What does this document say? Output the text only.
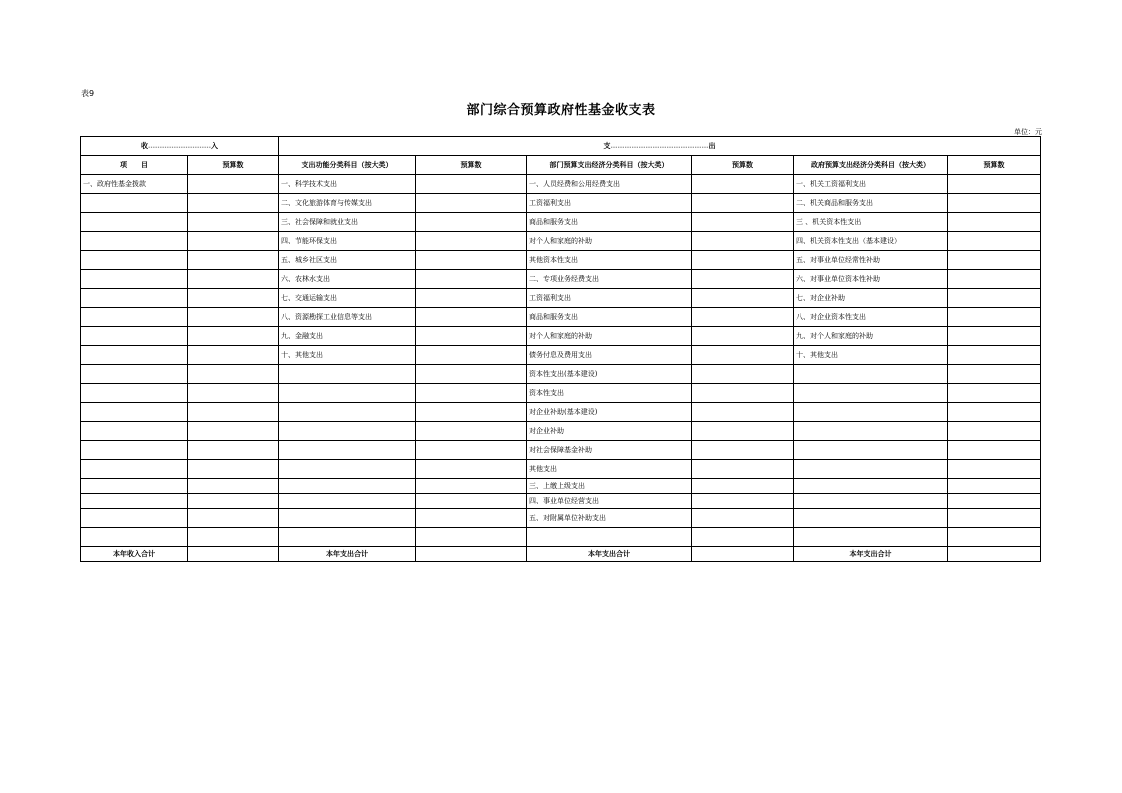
表9
部门综合预算政府性基金收支表
单位：元
收………………………入		支……………………………………出					
项　　目	预算数	支出功能分类科目（按大类）	预算数	部门预算支出经济分类科目（按大类）	预算数	政府预算支出经济分类科目（按大类）	预算数
一、政府性基金拨款		一、科学技术支出		一、人员经费和公用经费支出		一、机关工资福利支出	
		二、文化旅游体育与传媒支出		工资福利支出		二、机关商品和服务支出	
		三、社会保障和就业支出		商品和服务支出		三 、机关资本性支出	
		四、节能环保支出		对个人和家庭的补助		四、机关资本性支出（基本建设）	
		五、城乡社区支出		其他资本性支出		五、对事业单位经常性补助	
		六、农林水支出		二、专项业务经费支出		六、对事业单位资本性补助	
		七、交通运输支出		工资福利支出		七、对企业补助	
		八、资源勘探工业信息等支出		商品和服务支出		八、对企业资本性支出	
		九、金融支出		对个人和家庭的补助		九、对个人和家庭的补助	
		十、其他支出		债务付息及费用支出		十、其他支出	
				资本性支出(基本建设)			
				资本性支出			
				对企业补助(基本建设)			
				对企业补助			
				对社会保障基金补助			
				其他支出			
				三、上缴上级支出			
				四、事业单位经营支出			
				五、对附属单位补助支出			

本年收入合计		本年支出合计		本年支出合计		本年支出合计	
